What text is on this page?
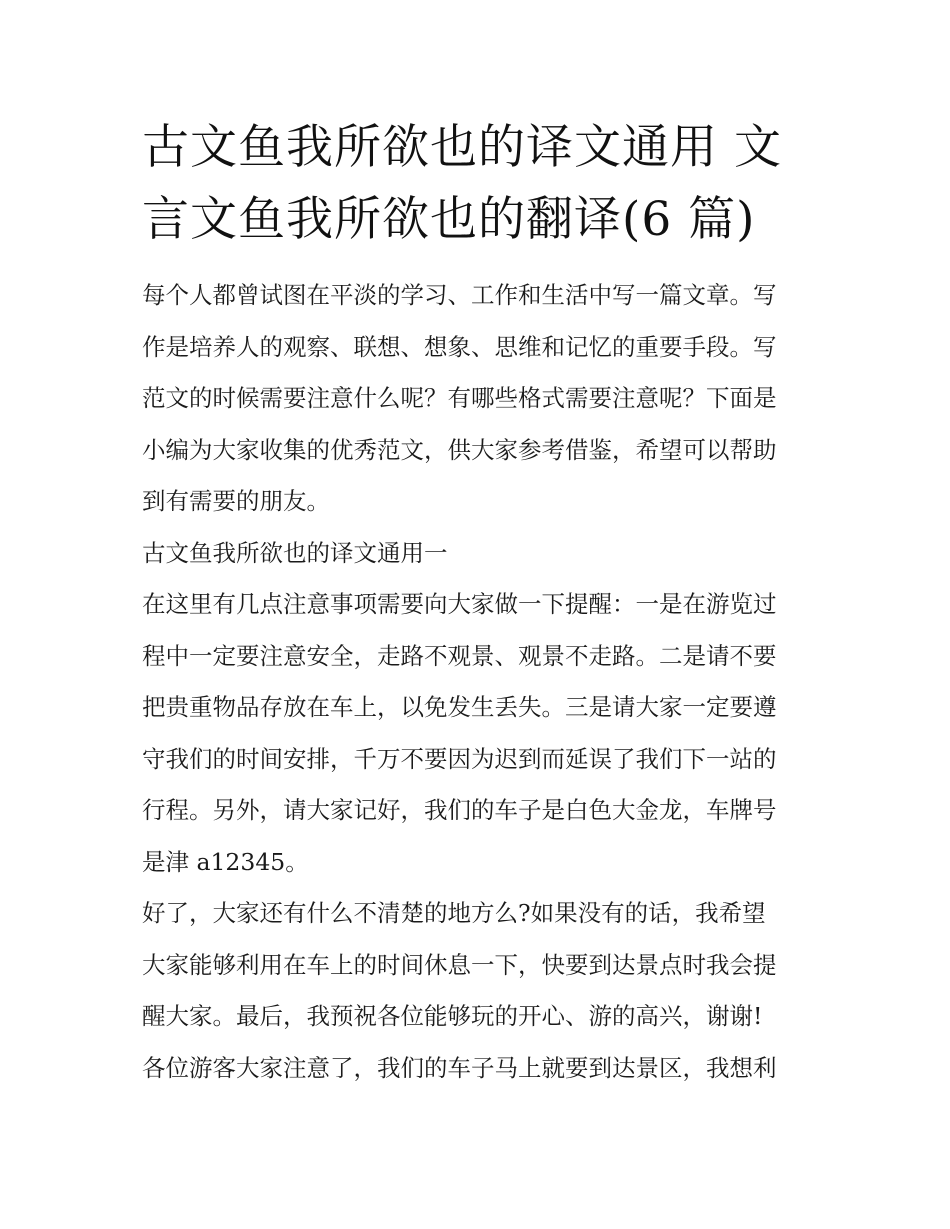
古文鱼我所欲也的译文通用 文
言文鱼我所欲也的翻译(6 篇)

每个人都曾试图在平淡的学习、工作和生活中写一篇文章。写
作是培养人的观察、联想、想象、思维和记忆的重要手段。写
范文的时候需要注意什么呢？有哪些格式需要注意呢？下面是
小编为大家收集的优秀范文，供大家参考借鉴，希望可以帮助
到有需要的朋友。

古文鱼我所欲也的译文通用一

在这里有几点注意事项需要向大家做一下提醒：一是在游览过
程中一定要注意安全，走路不观景、观景不走路。二是请不要
把贵重物品存放在车上，以免发生丢失。三是请大家一定要遵
守我们的时间安排，千万不要因为迟到而延误了我们下一站的
行程。另外，请大家记好，我们的车子是白色大金龙，车牌号
是津 a12345。

好了，大家还有什么不清楚的地方么?如果没有的话，我希望
大家能够利用在车上的时间休息一下，快要到达景点时我会提
醒大家。最后，我预祝各位能够玩的开心、游的高兴，谢谢!

各位游客大家注意了，我们的车子马上就要到达景区，我想利
